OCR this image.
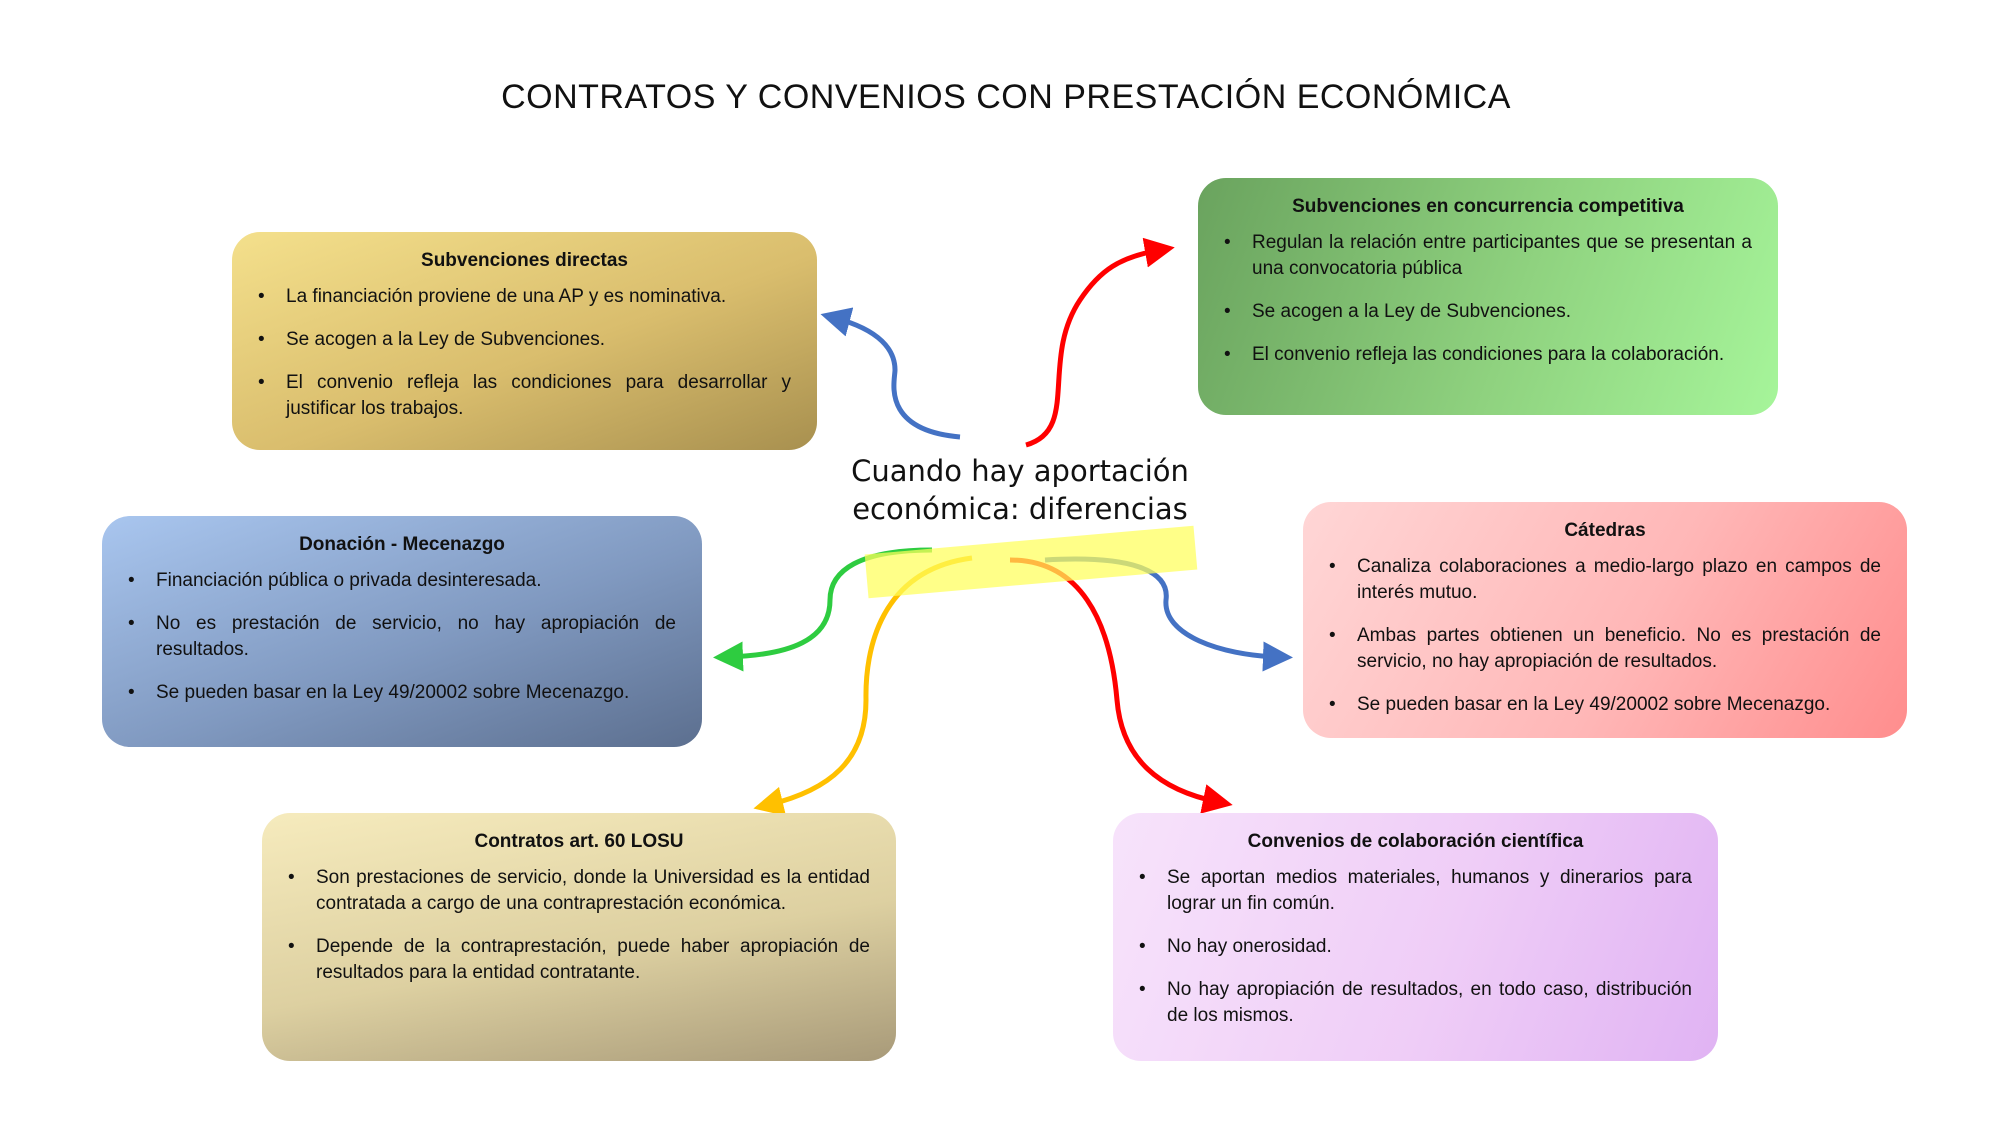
CONTRATOS Y CONVENIOS CON PRESTACIÓN ECONÓMICA
Cuando hay aportación
económica: diferencias
Subvenciones directas
• La financiación proviene de una AP y es nominativa.
• Se acogen a la Ley de Subvenciones.
• El convenio refleja las condiciones para desarrollar y justificar los trabajos.
Subvenciones en concurrencia competitiva
• Regulan la relación entre participantes que se presentan a una convocatoria pública
• Se acogen a la Ley de Subvenciones.
• El convenio refleja las condiciones para la colaboración.
Donación - Mecenazgo
• Financiación pública o privada desinteresada.
• No es prestación de servicio, no hay apropiación de resultados.
• Se pueden basar en la Ley 49/20002 sobre Mecenazgo.
Cátedras
• Canaliza colaboraciones a medio-largo plazo en campos de interés mutuo.
• Ambas partes obtienen un beneficio. No es prestación de servicio, no hay apropiación de resultados.
• Se pueden basar en la Ley 49/20002 sobre Mecenazgo.
Contratos art. 60 LOSU
• Son prestaciones de servicio, donde la Universidad es la entidad contratada a cargo de una contraprestación económica.
• Depende de la contraprestación, puede haber apropiación de resultados para la entidad contratante.
Convenios de colaboración científica
• Se aportan medios materiales, humanos y dinerarios para lograr un fin común.
• No hay onerosidad.
• No hay apropiación de resultados, en todo caso, distribución de los mismos.
